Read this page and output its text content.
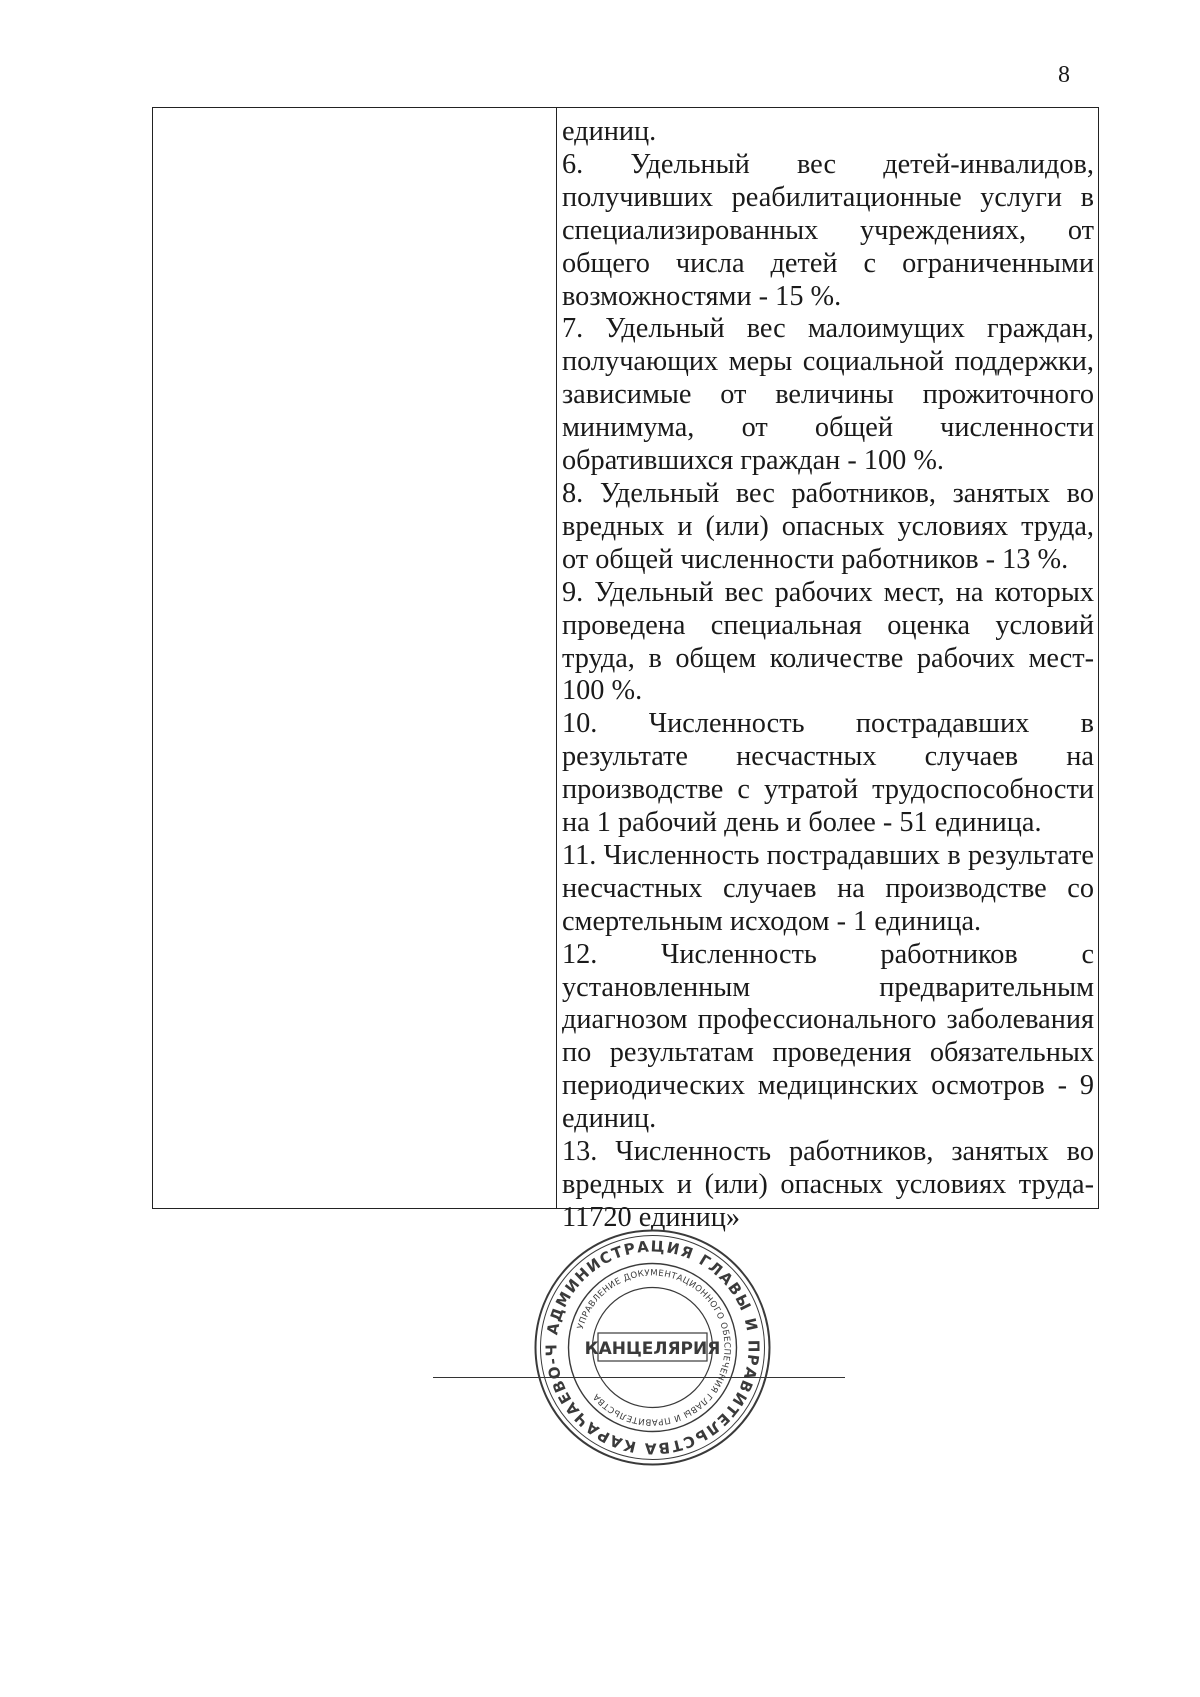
8

единиц.

6. Удельный вес детей-инвалидов, получивших реабилитационные услуги в специализированных учреждениях, от общего числа детей с ограниченными возможностями - 15 %.

7. Удельный вес малоимущих граждан, получающих меры социальной поддержки, зависимые от величины прожиточного минимума, от общей численности обратившихся граждан - 100 %.

8. Удельный вес работников, занятых во вредных и (или) опасных условиях труда, от общей численности работников - 13 %.

9. Удельный вес рабочих мест, на которых проведена специальная оценка условий труда, в общем количестве рабочих мест- 100 %.

10. Численность пострадавших в результате несчастных случаев на производстве с утратой трудоспособности на 1 рабочий день и более - 51 единица.

11. Численность пострадавших в результате несчастных случаев на производстве со смертельным исходом - 1 единица.

12. Численность работников с установленным предварительным диагнозом профессионального заболевания по результатам проведения обязательных периодических медицинских осмотров - 9 единиц.

13. Численность работников, занятых во вредных и (или) опасных условиях труда- 11720 единиц»

АДМИНИСТРАЦИЯ ГЛАВЫ И ПРАВИТЕЛЬСТВА КАРАЧАЕВО-Ч
УПРАВЛЕНИЕ ДОКУМЕНТАЦИОННОГО ОБЕСПЕЧЕНИЯ ГЛАВЫ И ПРАВИТЕЛЬСТВА
КАНЦЕЛЯРИЯ
